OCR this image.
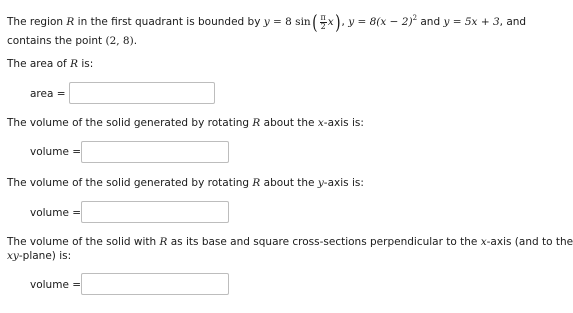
The region R in the first quadrant is bounded by y = 8 $\sin( \frac{\pi}{2} x)$, $y = 8(x - 2)^2$ and y = 5x + 3, and
contains the point (2, 8).
The area of R is:
area =
The volume of the solid generated by rotating R about the x-axis is:
volume =
The volume of the solid generated by rotating R about the y-axis is:
volume =
The volume of the solid with R as its base and square cross-sections perpendicular to the x-axis (and to the
xy-plane) is:
volume =
